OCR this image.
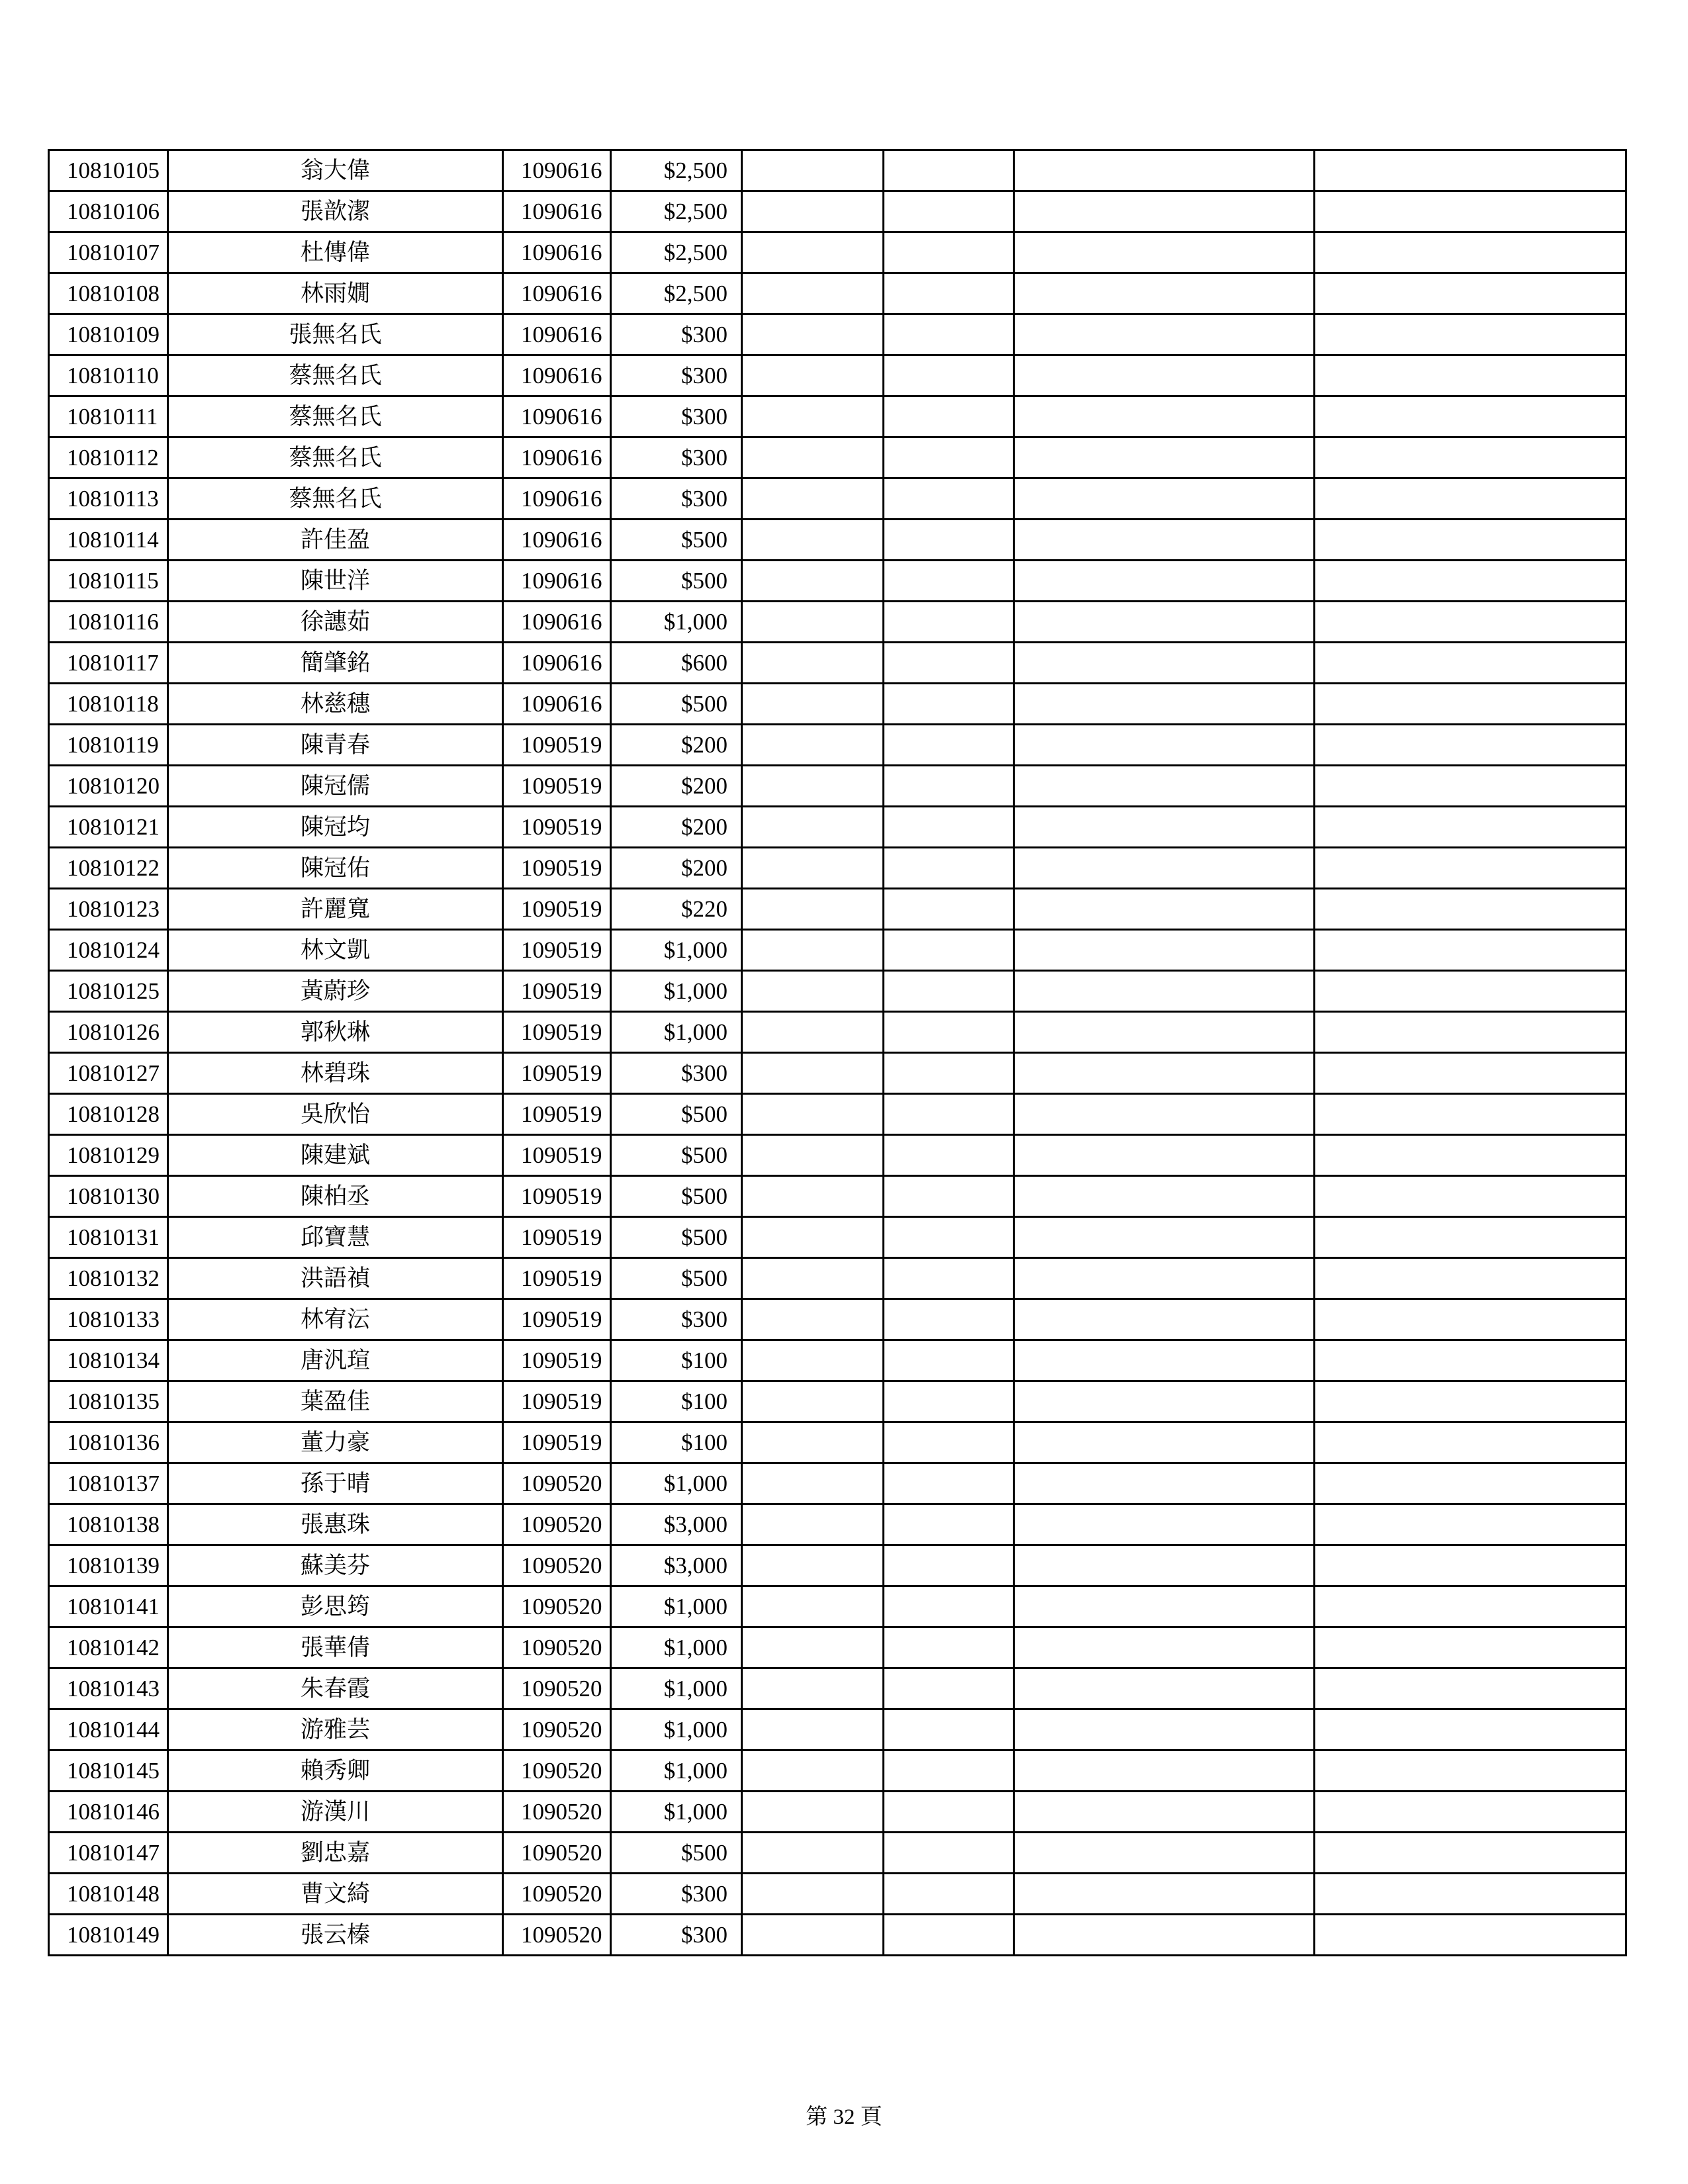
10810105	翁大偉	1090616	$2,500				
10810106	張歆潔	1090616	$2,500				
10810107	杜傳偉	1090616	$2,500				
10810108	林雨嫺	1090616	$2,500				
10810109	張無名氏	1090616	$300				
10810110	蔡無名氏	1090616	$300				
10810111	蔡無名氏	1090616	$300				
10810112	蔡無名氏	1090616	$300				
10810113	蔡無名氏	1090616	$300				
10810114	許佳盈	1090616	$500				
10810115	陳世洋	1090616	$500				
10810116	徐譓茹	1090616	$1,000				
10810117	簡肇銘	1090616	$600				
10810118	林慈穗	1090616	$500				
10810119	陳青春	1090519	$200				
10810120	陳冠儒	1090519	$200				
10810121	陳冠均	1090519	$200				
10810122	陳冠佑	1090519	$200				
10810123	許麗寬	1090519	$220				
10810124	林文凱	1090519	$1,000				
10810125	黃蔚珍	1090519	$1,000				
10810126	郭秋琳	1090519	$1,000				
10810127	林碧珠	1090519	$300				
10810128	吳欣怡	1090519	$500				
10810129	陳建斌	1090519	$500				
10810130	陳柏丞	1090519	$500				
10810131	邱寶慧	1090519	$500				
10810132	洪語禎	1090519	$500				
10810133	林宥沄	1090519	$300				
10810134	唐汎瑄	1090519	$100				
10810135	葉盈佳	1090519	$100				
10810136	董力豪	1090519	$100				
10810137	孫于晴	1090520	$1,000				
10810138	張惠珠	1090520	$3,000				
10810139	蘇美芬	1090520	$3,000				
10810141	彭思筠	1090520	$1,000				
10810142	張華倩	1090520	$1,000				
10810143	朱春霞	1090520	$1,000				
10810144	游雅芸	1090520	$1,000				
10810145	賴秀卿	1090520	$1,000				
10810146	游漢川	1090520	$1,000				
10810147	劉忠嘉	1090520	$500				
10810148	曹文綺	1090520	$300				
10810149	張云榛	1090520	$300				
第 32 頁
